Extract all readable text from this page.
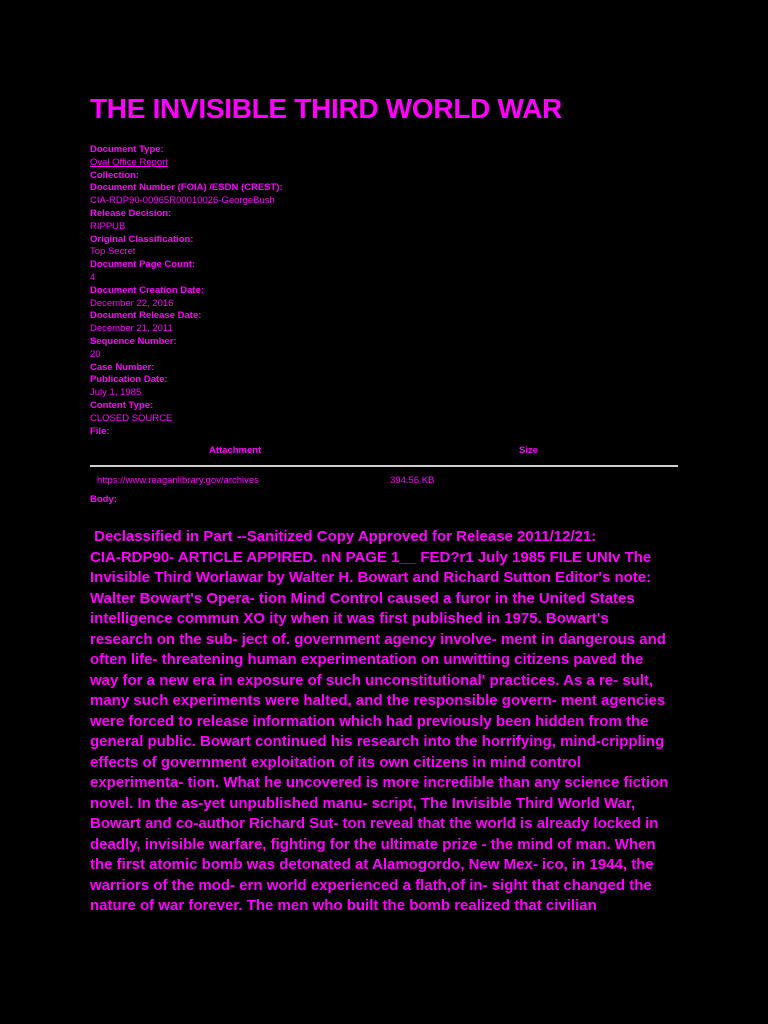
THE INVISIBLE THIRD WORLD WAR
Document Type:
Oval Office Report
Collection:
Document Number (FOIA) /ESDN (CREST):
CIA-RDP90-00965R00010026-GeorgeBush
Release Decision:
RIPPUB
Original Classification:
Top Secret
Document Page Count:
4
Document Creation Date:
December 22, 2016
Document Release Date:
December 21, 2011
Sequence Number:
20
Case Number:
Publication Date:
July 1, 1985
Content Type:
CLOSED SOURCE
File:
Attachment	Size
https://www.reaganlibrary.gov/archives	394.56 KB
Body:
Declassified in Part --Sanitized Copy Approved for Release 2011/12/21:
CIA-RDP90- ARTICLE APPIRED. nN PAGE 1__ FED?r1 July 1985 FILE UNIv The
Invisible Third Worlawar by Walter H. Bowart and Richard Sutton Editor's note:
Walter Bowart's Opera- tion Mind Control caused a furor in the United States
intelligence commun XO ity when it was first published in 1975. Bowart's
research on the sub- ject of. government agency involve- ment in dangerous and
often life- threatening human experimentation on unwitting citizens paved the
way for a new era in exposure of such unconstitutional' practices. As a re- sult,
many such experiments were halted, and the responsible govern- ment agencies
were forced to release information which had previously been hidden from the
general public. Bowart continued his research into the horrifying, mind-crippling
effects of government exploitation of its own citizens in mind control
experimenta- tion. What he uncovered is more incredible than any science fiction
novel. In the as-yet unpublished manu- script, The Invisible Third World War,
Bowart and co-author Richard Sut- ton reveal that the world is already locked in
deadly, invisible warfare, fighting for the ultimate prize - the mind of man. When
the first atomic bomb was detonated at Alamogordo, New Mex- ico, in 1944, the
warriors of the mod- ern world experienced a flath,of in- sight that changed the
nature of war forever. The men who built the bomb realized that civilian
